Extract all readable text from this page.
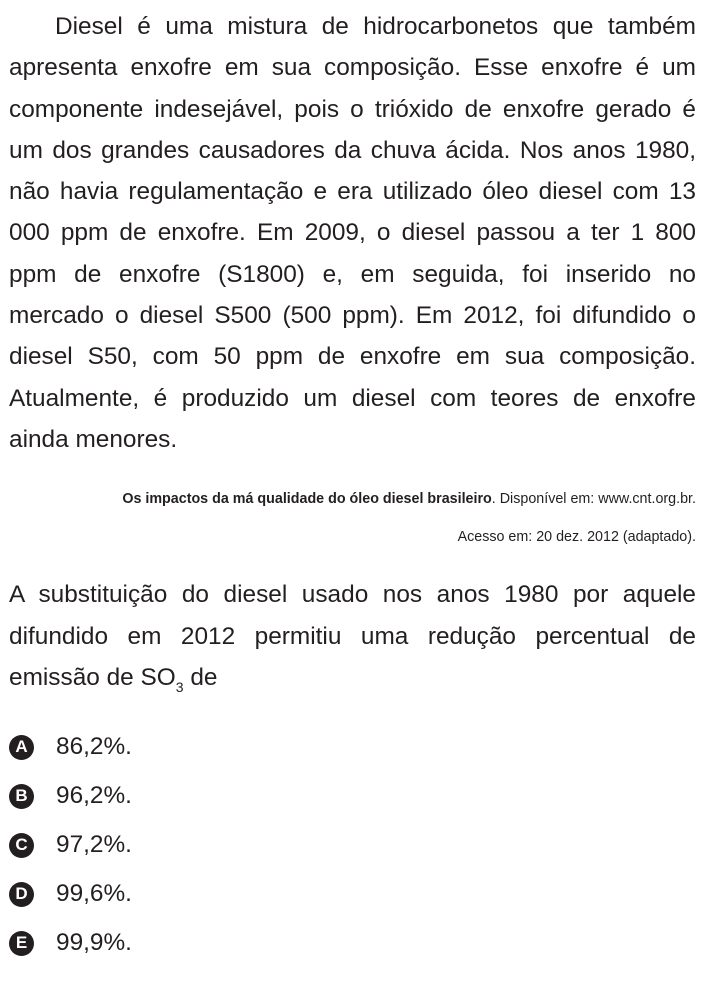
Diesel é uma mistura de hidrocarbonetos que também apresenta enxofre em sua composição. Esse enxofre é um componente indesejável, pois o trióxido de enxofre gerado é um dos grandes causadores da chuva ácida. Nos anos 1980, não havia regulamentação e era utilizado óleo diesel com 13 000 ppm de enxofre. Em 2009, o diesel passou a ter 1 800 ppm de enxofre (S1800) e, em seguida, foi inserido no mercado o diesel S500 (500 ppm). Em 2012, foi difundido o diesel S50, com 50 ppm de enxofre em sua composição. Atualmente, é produzido um diesel com teores de enxofre ainda menores.

Os impactos da má qualidade do óleo diesel brasileiro. Disponível em: www.cnt.org.br.
Acesso em: 20 dez. 2012 (adaptado).

A substituição do diesel usado nos anos 1980 por aquele difundido em 2012 permitiu uma redução percentual de emissão de $SO_3$ de

A 86,2%.
B 96,2%.
C 97,2%.
D 99,6%.
E 99,9%.
